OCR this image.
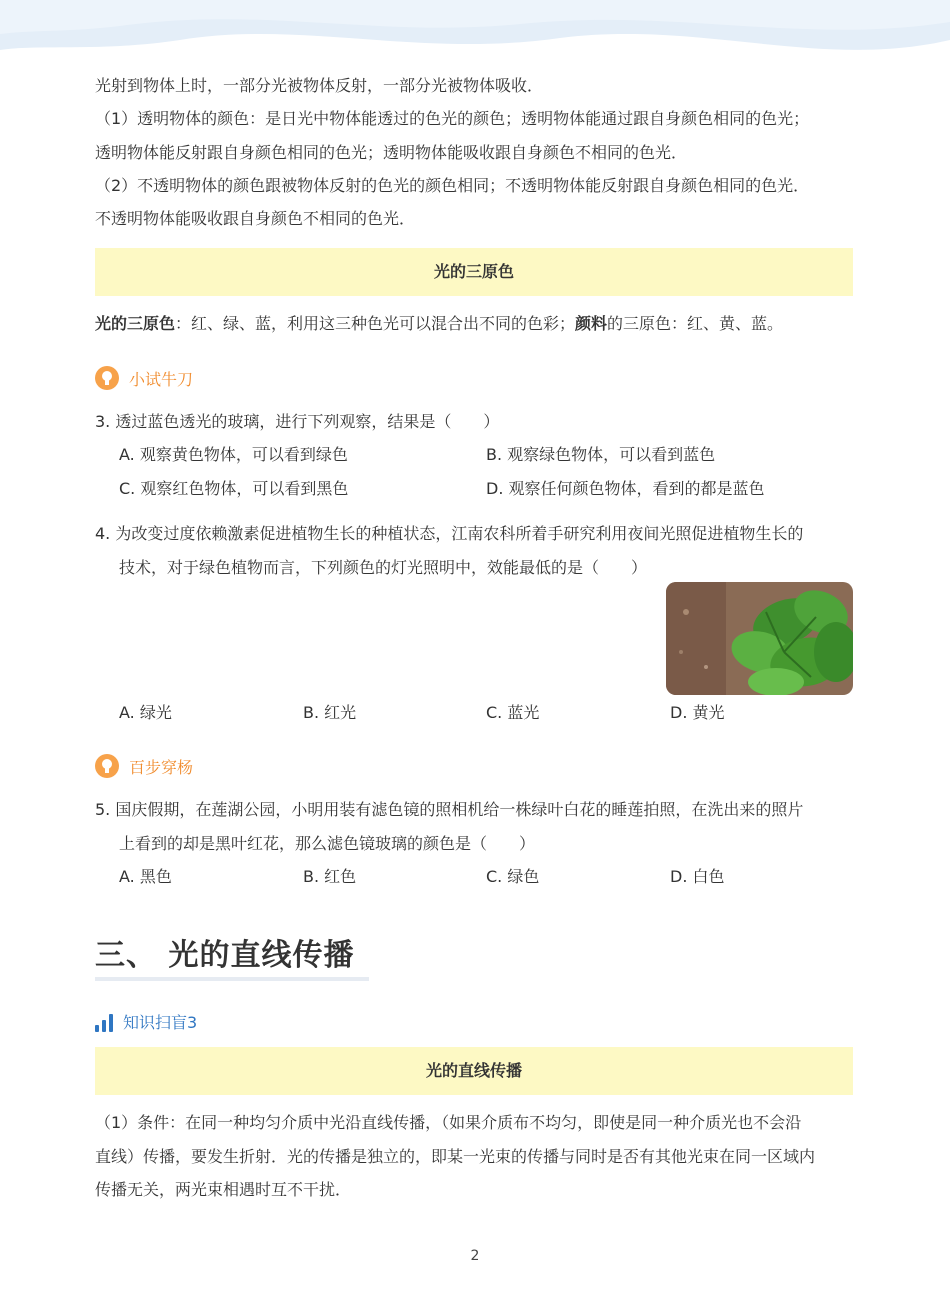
光射到物体上时，一部分光被物体反射，一部分光被物体吸收．
（1）透明物体的颜色：是日光中物体能透过的色光的颜色；透明物体能通过跟自身颜色相同的色光；
透明物体能反射跟自身颜色相同的色光；透明物体能吸收跟自身颜色不相同的色光．
（2）不透明物体的颜色跟被物体反射的色光的颜色相同；不透明物体能反射跟自身颜色相同的色光．
不透明物体能吸收跟自身颜色不相同的色光．
光的三原色
光的三原色：红、绿、蓝，利用这三种色光可以混合出不同的色彩；颜料的三原色：红、黄、蓝。
小试牛刀
3. 透过蓝色透光的玻璃，进行下列观察，结果是（　　）
A. 观察黄色物体，可以看到绿色	B. 观察绿色物体，可以看到蓝色
C. 观察红色物体，可以看到黑色	D. 观察任何颜色物体，看到的都是蓝色
4. 为改变过度依赖激素促进植物生长的种植状态，江南农科所着手研究利用夜间光照促进植物生长的
技术，对于绿色植物而言，下列颜色的灯光照明中，效能最低的是（　　）
A. 绿光	B. 红光	C. 蓝光	D. 黄光
百步穿杨
5. 国庆假期，在莲湖公园，小明用装有滤色镜的照相机给一株绿叶白花的睡莲拍照，在洗出来的照片
上看到的却是黑叶红花，那么滤色镜玻璃的颜色是（　　）
A. 黑色	B. 红色	C. 绿色	D. 白色
三、 光的直线传播
知识扫盲3
光的直线传播
（1）条件：在同一种均匀介质中光沿直线传播，（如果介质布不均匀，即使是同一种介质光也不会沿
直线）传播，要发生折射．光的传播是独立的，即某一光束的传播与同时是否有其他光束在同一区域内
传播无关，两光束相遇时互不干扰．
2
